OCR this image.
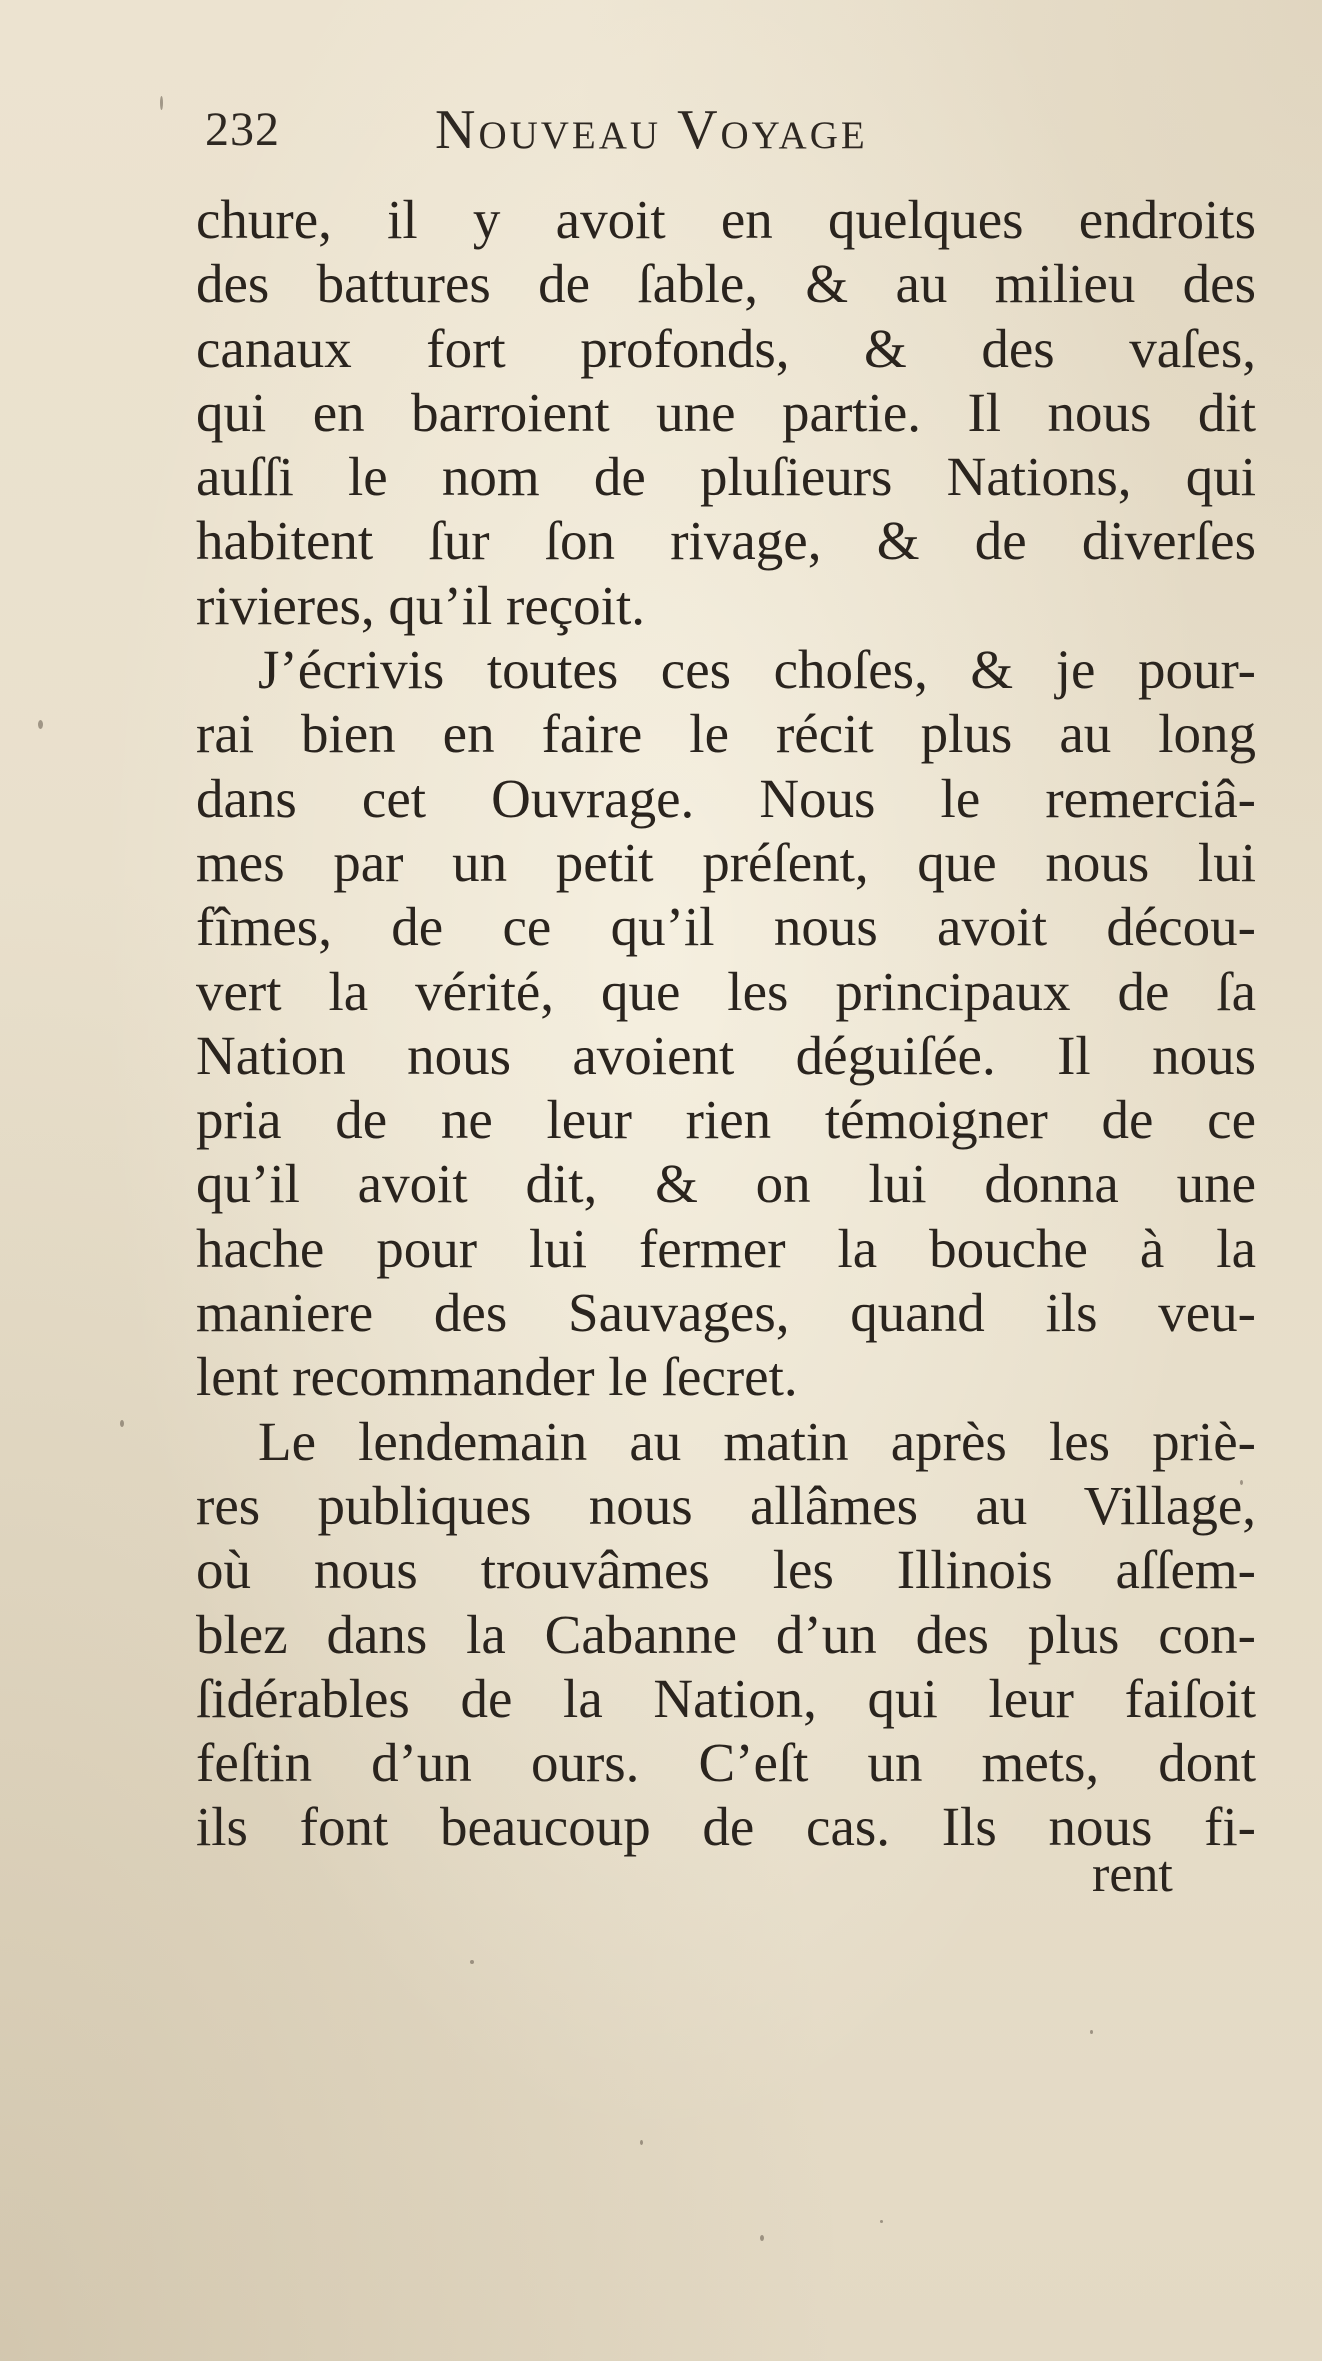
232	Nouveau Voyage
chure, il y avoit en quelques endroits
des battures de ſable, & au milieu des
canaux fort profonds, & des vaſes,
qui en barroient une partie. Il nous dit
auſſi le nom de pluſieurs Nations, qui
habitent ſur ſon rivage, & de diverſes
rivieres, qu’il reçoit.
J’écrivis toutes ces choſes, & je pour-
rai bien en faire le récit plus au long
dans cet Ouvrage. Nous le remerciâ-
mes par un petit préſent, que nous lui
fîmes, de ce qu’il nous avoit décou-
vert la vérité, que les principaux de ſa
Nation nous avoient déguiſée. Il nous
pria de ne leur rien témoigner de ce
qu’il avoit dit, & on lui donna une
hache pour lui fermer la bouche à la
maniere des Sauvages, quand ils veu-
lent recommander le ſecret.
Le lendemain au matin après les priè-
res publiques nous allâmes au Village,
où nous trouvâmes les Illinois aſſem-
blez dans la Cabanne d’un des plus con-
ſidérables de la Nation, qui leur faiſoit
feſtin d’un ours. C’eſt un mets, dont
ils font beaucoup de cas. Ils nous fi-
rent
